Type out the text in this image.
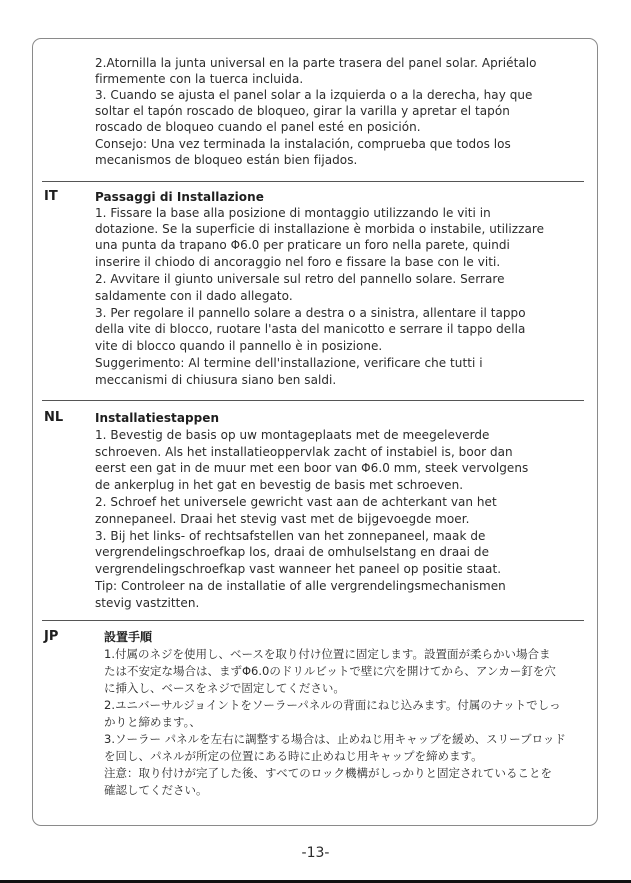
2.Atornilla la junta universal en la parte trasera del panel solar. Apriétalo
firmemente con la tuerca incluida.
3. Cuando se ajusta el panel solar a la izquierda o a la derecha, hay que
soltar el tapón roscado de bloqueo, girar la varilla y apretar el tapón
roscado de bloqueo cuando el panel esté en posición.
Consejo: Una vez terminada la instalación, comprueba que todos los
mecanismos de bloqueo están bien fijados.
IT	Passaggi di Installazione
1. Fissare la base alla posizione di montaggio utilizzando le viti in
dotazione. Se la superficie di installazione è morbida o instabile, utilizzare
una punta da trapano Φ6.0 per praticare un foro nella parete, quindi
inserire il chiodo di ancoraggio nel foro e fissare la base con le viti.
2. Avvitare il giunto universale sul retro del pannello solare. Serrare
saldamente con il dado allegato.
3. Per regolare il pannello solare a destra o a sinistra, allentare il tappo
della vite di blocco, ruotare l'asta del manicotto e serrare il tappo della
vite di blocco quando il pannello è in posizione.
Suggerimento: Al termine dell'installazione, verificare che tutti i
meccanismi di chiusura siano ben saldi.
NL	Installatiestappen
1. Bevestig de basis op uw montageplaats met de meegeleverde
schroeven. Als het installatieoppervlak zacht of instabiel is, boor dan
eerst een gat in de muur met een boor van Φ6.0 mm, steek vervolgens
de ankerplug in het gat en bevestig de basis met schroeven.
2. Schroef het universele gewricht vast aan de achterkant van het
zonnepaneel. Draai het stevig vast met de bijgevoegde moer.
3. Bij het links- of rechtsafstellen van het zonnepaneel, maak de
vergrendelingschroefkap los, draai de omhulselstang en draai de
vergrendelingschroefkap vast wanneer het paneel op positie staat.
Tip: Controleer na de installatie of alle vergrendelingsmechanismen
stevig vastzitten.
JP	設置手順
1.付属のネジを使用し、ベースを取り付け位置に固定します。設置面が柔らかい場合ま
たは不安定な場合は、まずΦ6.0のドリルビットで壁に穴を開けてから、アンカー釘を穴
に挿入し、ベースをネジで固定してください。
2.ユニバーサルジョイントをソーラーパネルの背面にねじ込みます。付属のナットでしっ
かりと締めます。、
3.ソーラー パネルを左右に調整する場合は、止めねじ用キャップを緩め、スリーブロッド
を回し、パネルが所定の位置にある時に止めねじ用キャップを締めます。
注意：取り付けが完了した後、すべてのロック機構がしっかりと固定されていることを
確認してください。
-13-
